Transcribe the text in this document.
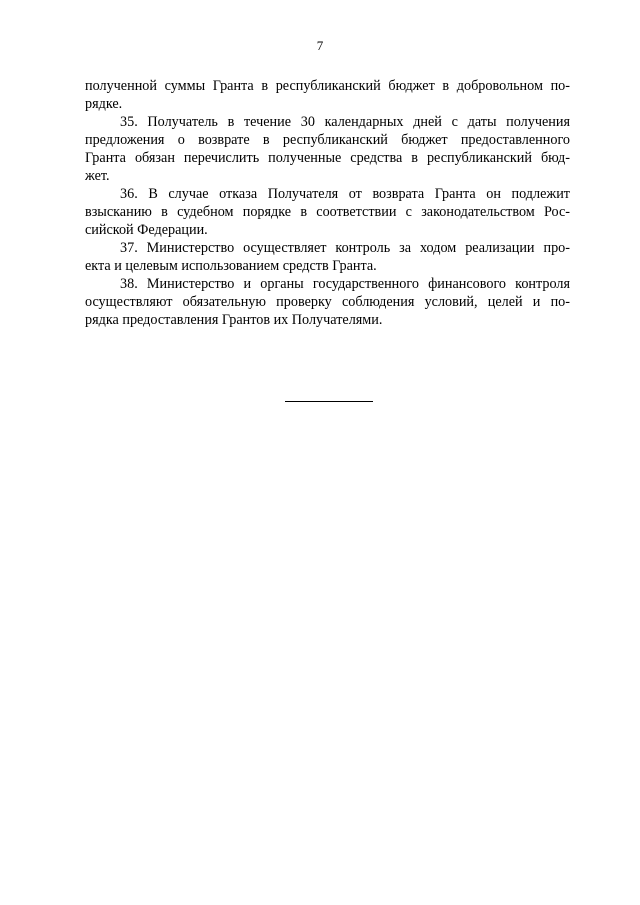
7

полученной суммы Гранта в республиканский бюджет в добровольном по-
рядке.

35. Получатель в течение 30 календарных дней с даты получения
предложения о возврате в республиканский бюджет предоставленного
Гранта обязан перечислить полученные средства в республиканский бюд-
жет.

36. В случае отказа Получателя от возврата Гранта он подлежит
взысканию в судебном порядке в соответствии с законодательством Рос-
сийской Федерации.

37. Министерство осуществляет контроль за ходом реализации про-
екта и целевым использованием средств Гранта.

38. Министерство и органы государственного финансового контроля
осуществляют обязательную проверку соблюдения условий, целей и по-
рядка предоставления Грантов их Получателями.
